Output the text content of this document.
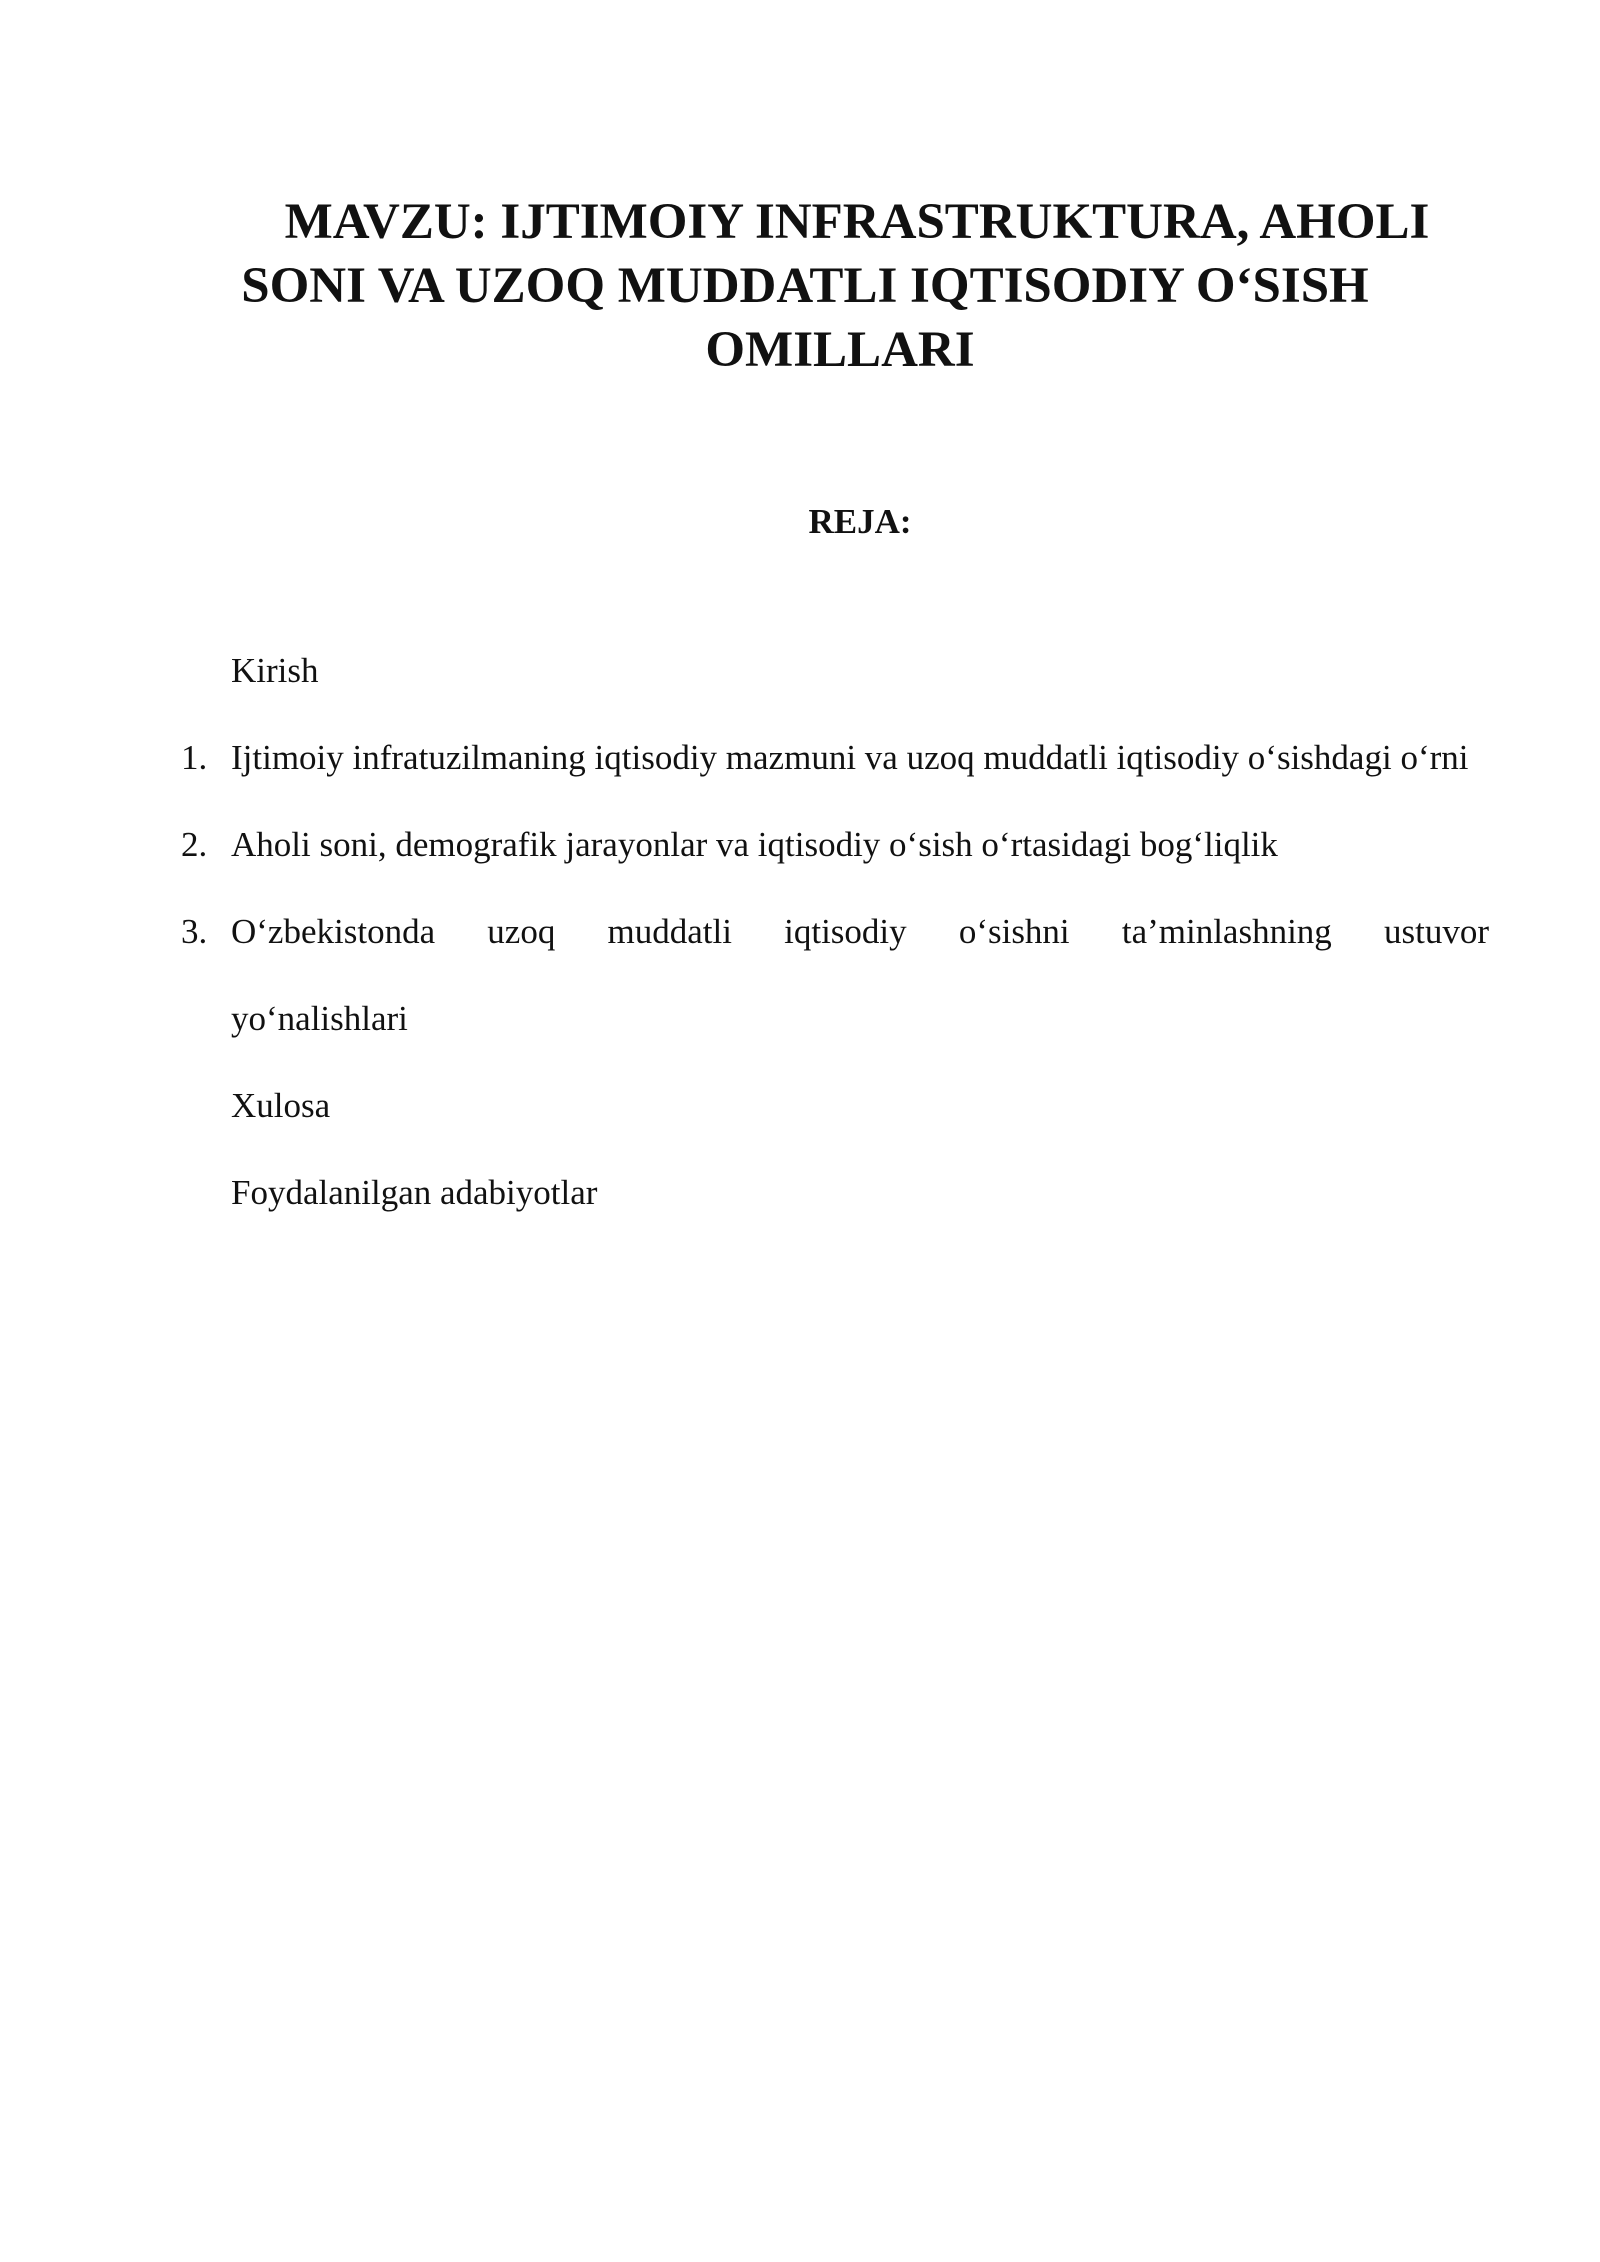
MAVZU: IJTIMOIY INFRASTRUKTURA, AHOLI
SONI VA UZOQ MUDDATLI IQTISODIY O‘SISH
OMILLARI
REJA:
Kirish
1. Ijtimoiy infratuzilmaning iqtisodiy mazmuni va uzoq muddatli iqtisodiy o‘sishdagi o‘rni
2. Aholi soni, demografik jarayonlar va iqtisodiy o‘sish o‘rtasidagi bog‘liqlik
3. O‘zbekistonda uzoq muddatli iqtisodiy o‘sishni ta’minlashning ustuvor
yo‘nalishlari
Xulosa
Foydalanilgan adabiyotlar
